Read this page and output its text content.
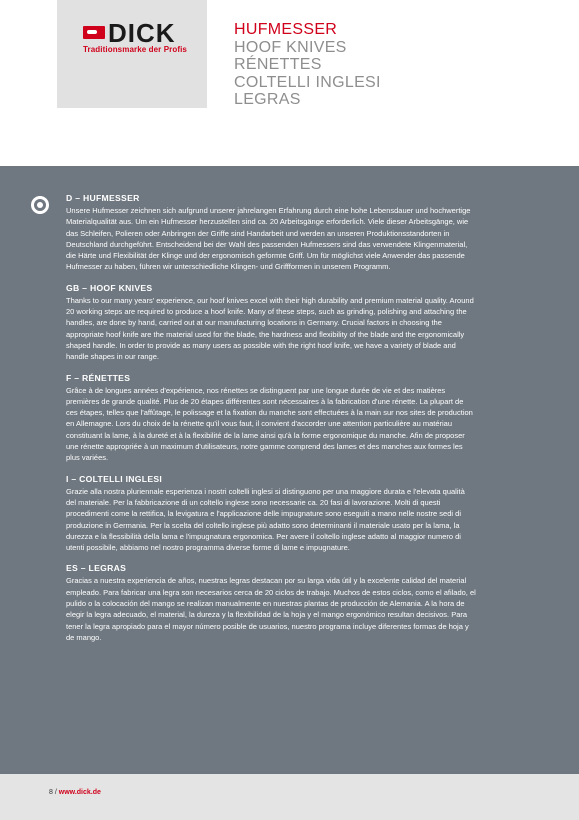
DICK
Traditionsmarke der Profis
HUFMESSER
HOOF KNIVES
RÉNETTES
COLTELLI INGLESI
LEGRAS
D – HUFMESSER

Unsere Hufmesser zeichnen sich aufgrund unserer jahrelangen Erfahrung durch eine hohe Lebensdauer und hochwertige Materialqualität aus. Um ein Hufmesser herzustellen sind ca. 20 Arbeitsgänge erforderlich. Viele dieser Arbeitsgänge, wie das Schleifen, Polieren oder Anbringen der Griffe sind Handarbeit und werden an unseren Produktionsstandorten in Deutschland durchgeführt. Entscheidend bei der Wahl des passenden Hufmessers sind das verwendete Klingenmaterial, die Härte und Flexibilität der Klinge und der ergonomisch geformte Griff. Um für möglichst viele Anwender das passende Hufmesser zu haben, führen wir unterschiedliche Klingen- und Griffformen in unserem Programm.

GB – HOOF KNIVES

Thanks to our many years' experience, our hoof knives excel with their high durability and premium material quality. Around 20 working steps are required to produce a hoof knife. Many of these steps, such as grinding, polishing and attaching the handles, are done by hand, carried out at our manufacturing locations in Germany. Crucial factors in choosing the appropriate hoof knife are the material used for the blade, the hardness and flexibility of the blade and the ergonomically shaped handle. In order to provide as many users as possible with the right hoof knife, we have a variety of blade and handle shapes in our range.

F – RÉNETTES

Grâce à de longues années d'expérience, nos rénettes se distinguent par une longue durée de vie et des matières premières de grande qualité. Plus de 20 étapes différentes sont nécessaires à la fabrication d'une rénette. La plupart de ces étapes, telles que l'affûtage, le polissage et la fixation du manche sont effectuées à la main sur nos sites de production en Allemagne. Lors du choix de la rénette qu'il vous faut, il convient d'accorder une attention particulière au matériau constituant la lame, à la dureté et à la flexibilité de la lame ainsi qu'à la forme ergonomique du manche. Afin de proposer une rénette appropriée à un maximum d'utilisateurs, notre gamme comprend des lames et des manches aux formes les plus variées.

I – COLTELLI INGLESI

Grazie alla nostra pluriennale esperienza i nostri coltelli inglesi si distinguono per una maggiore durata e l'elevata qualità del materiale. Per la fabbricazione di un coltello inglese sono necessarie ca. 20 fasi di lavorazione. Molti di questi procedimenti come la rettifica, la levigatura e l'applicazione delle impugnature sono eseguiti a mano nelle nostre sedi di produzione in Germania. Per la scelta del coltello inglese più adatto sono determinanti il materiale usato per la lama, la durezza e la flessibilità della lama e l'impugnatura ergonomica. Per avere il coltello inglese adatto al maggior numero di utenti possibile, abbiamo nel nostro programma diverse forme di lame e impugnature.

ES – LEGRAS

Gracias a nuestra experiencia de años, nuestras legras destacan por su larga vida útil y la excelente calidad del material empleado. Para fabricar una legra son necesarios cerca de 20 ciclos de trabajo. Muchos de estos ciclos, como el afilado, el pulido o la colocación del mango se realizan manualmente en nuestras plantas de producción de Alemania. A la hora de elegir la legra adecuado, el material, la dureza y la flexibilidad de la hoja y el mango ergonómico resultan decisivos. Para tener la legra apropiado para el mayor número posible de usuarios, nuestro programa incluye diferentes formas de hoja y de mango.

8 / www.dick.de
